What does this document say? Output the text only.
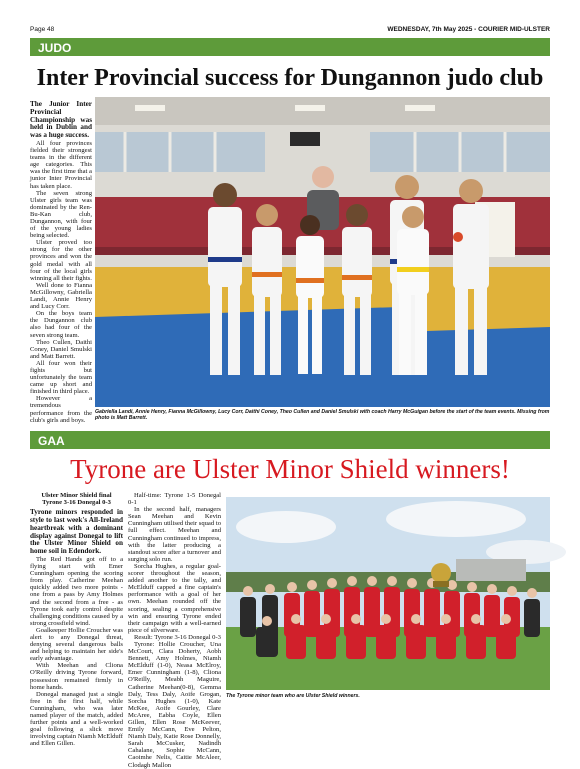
Page 48	WEDNESDAY, 7th May 2025 - COURIER MID-ULSTER
JUDO
Inter Provincial success for Dungannon judo club

The Junior Inter Provincial Championship was held in Dublin and was a huge success.

All four provinces fielded their strongest teams in the different age categories. This was the first time that a junior Inter Provincial has taken place.

The seven strong Ulster girls team was dominated by the Ren-Bu-Kan club, Dungannon, with four of the young ladies being selected.

Ulster proved too strong for the other provinces and won the gold medal with all four of the local girls winning all their fights.

Well done to Fianna McGillowny, Gabriella Landi, Annie Henry and Lucy Corr.

On the boys team the Dungannon club also had four of the seven strong team.

Theo Cullen, Daithi Coney, Daniel Smulski and Matt Barrett.

All four won their fights but unfortunately the team came up short and finished in third place.

However a tremendous performance from the club's girls and boys.

Gabriella Landi, Annie Henry, Fianna McGillowny, Lucy Corr, Daithi Coney, Theo Cullen and Daniel Smulski with coach Harry McGuigan before the start of the team events. Missing from photo is Matt Barrett.
GAA
Tyrone are Ulster Minor Shield winners!

Ulster Minor Shield final

Tyrone 3-16 Donegal 0-3

Tyrone minors responded in style to last week's All-Ireland heartbreak with a dominant display against Donegal to lift the Ulster Minor Shield on home soil in Edendork.

The Red Hands got off to a flying start with Emer Cunningham opening the scoring from play. Catherine Meehan quickly added two more points - one from a pass by Amy Holmes and the second from a free - as Tyrone took early control despite challenging conditions caused by a strong crossfield wind.

Goalkeeper Hollie Croucher was alert to any Donegal threat, denying several dangerous balls and helping to maintain her side's early advantage.

With Meehan and Cliona O'Reilly driving Tyrone forward, possession remained firmly in home hands.

Donegal managed just a single free in the first half, while Cunningham, who was later named player of the match, added further points and a well-worked goal following a slick move involving captain Niamh McElduff and Ellen Gillen.

Half-time: Tyrone 1-5 Donegal 0-1

In the second half, managers Sean Meehan and Kevin Cunningham utilised their squad to full effect. Meehan and Cunningham continued to impress, with the latter producing a standout score after a turnover and surging solo run.

Sorcha Hughes, a regular goal-scorer throughout the season, added another to the tally, and McElduff capped a fine captain's performance with a goal of her own. Meehan rounded off the scoring, sealing a comprehensive win and ensuring Tyrone ended their campaign with a well-earned piece of silverware.

Result: Tyrone 3-16 Donegal 0-3

Tyrone: Hollie Croucher, Una McCourt, Clara Doherty, Aobh Bennett, Amy Holmes, Niamh McElduff (1-0), Neasa McElroy, Emer Cunningham (1-8), Cliona O'Reilly, Meabh Maguire, Catherine Meehan(0-8), Gemma Daly, Tess Daly, Aoife Grogan, Sorcha Hughes (1-0), Kate McKee, Aoife Gourley, Clare McAree, Eabha Coyle, Ellen Gillen, Ellen Rose McKeever, Emily McCann, Eve Pelton, Niamh Daly, Katie Rose Donnelly, Sarah McCusker, Nadindh Cahalane, Sophie McCann, Caoimhe Nelis, Caitie McAleer, Clodagh Mallon

The Tyrone minor team who are Ulster Shield winners.
